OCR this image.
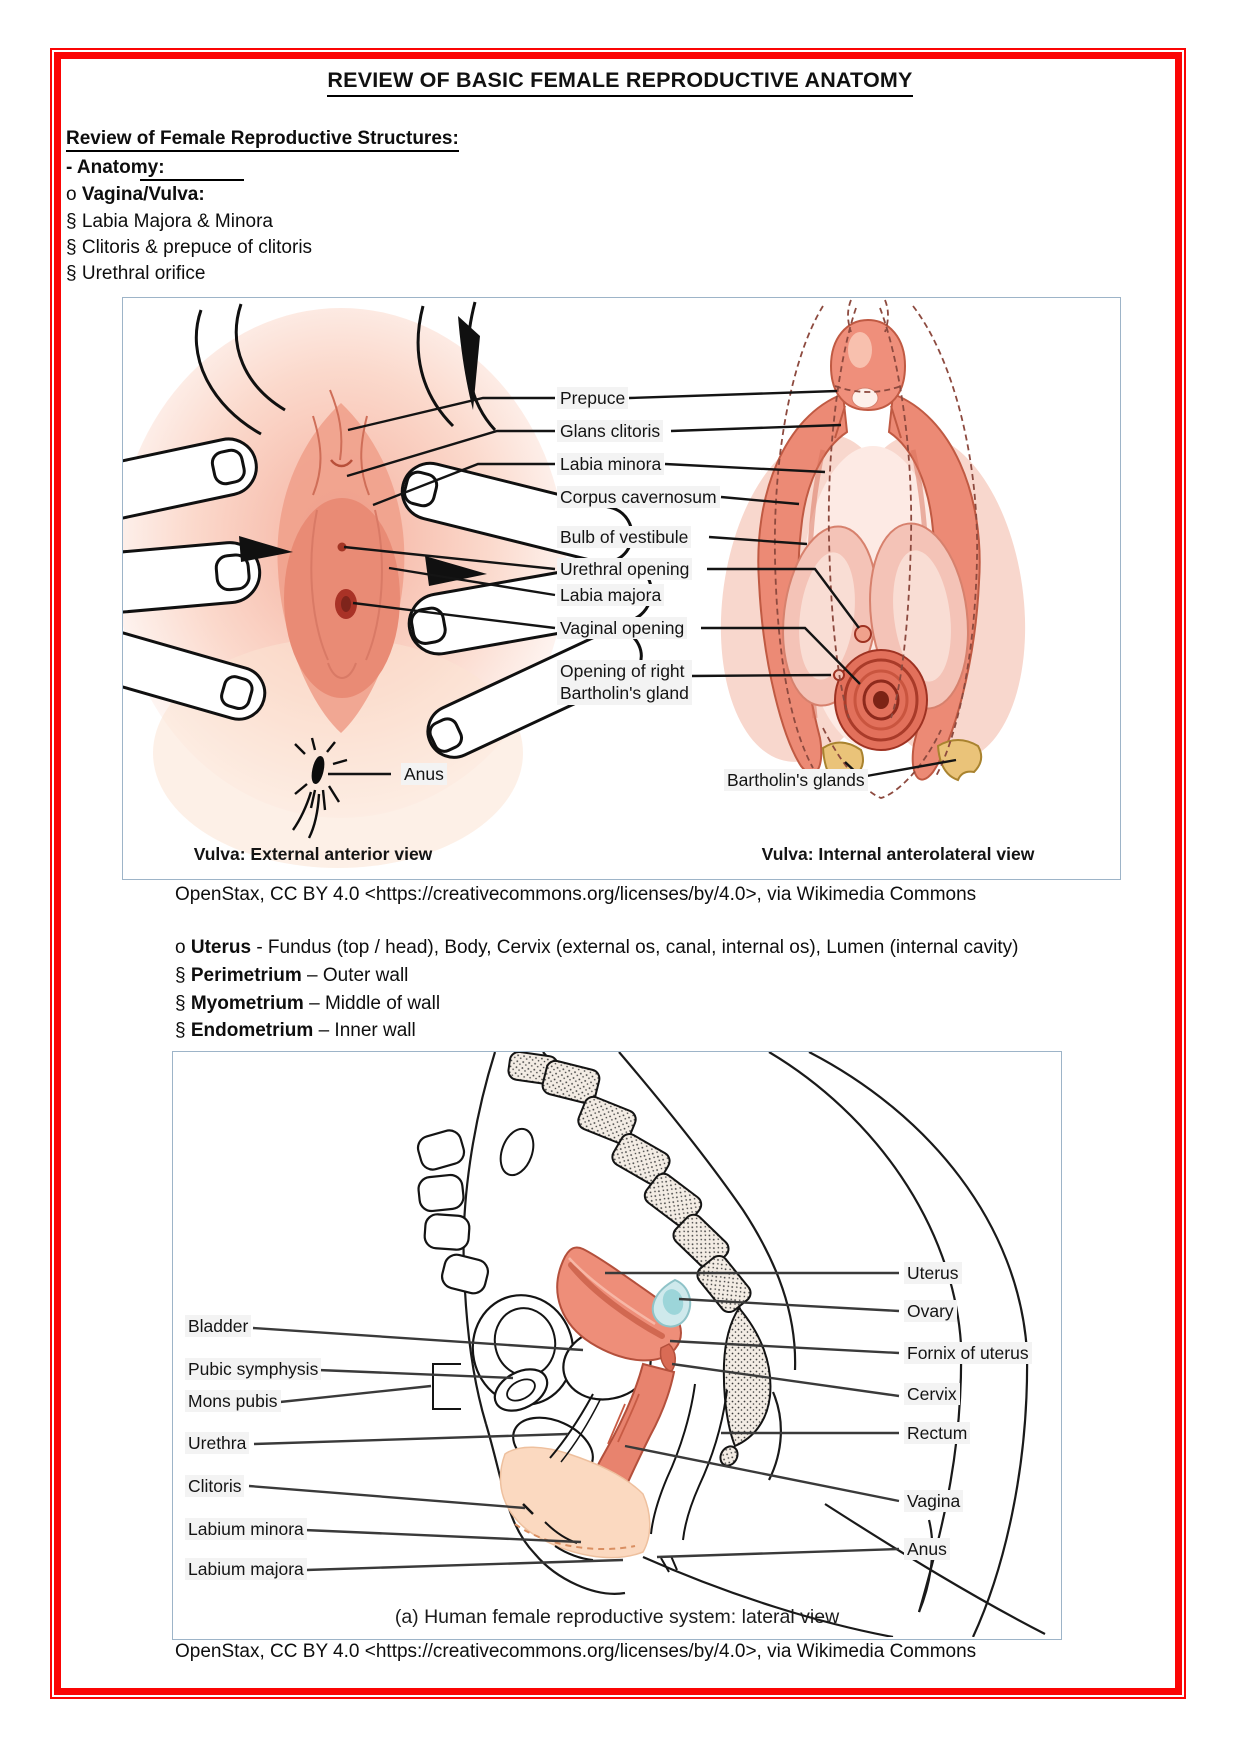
REVIEW OF BASIC FEMALE REPRODUCTIVE ANATOMY
Review of Female Reproductive Structures:
- Anatomy:
o Vagina/Vulva:
§ Labia Majora & Minora
§ Clitoris & prepuce of clitoris
§ Urethral orifice
Prepuce
Glans clitoris
Labia minora
Corpus cavernosum
Bulb of vestibule
Urethral opening
Labia majora
Vaginal opening
Opening of right
Bartholin's gland
Anus	Bartholin's glands
Vulva: External anterior view	Vulva: Internal anterolateral view
OpenStax, CC BY 4.0 <https://creativecommons.org/licenses/by/4.0>, via Wikimedia Commons
o Uterus - Fundus (top / head), Body, Cervix (external os, canal, internal os), Lumen (internal cavity)
§ Perimetrium – Outer wall
§ Myometrium – Middle of wall
§ Endometrium – Inner wall
Bladder
Pubic symphysis
Mons pubis
Urethra
Clitoris
Labium minora
Labium majora
Uterus
Ovary
Fornix of uterus
Cervix
Rectum
Vagina
Anus
(a) Human female reproductive system: lateral view
OpenStax, CC BY 4.0 <https://creativecommons.org/licenses/by/4.0>, via Wikimedia Commons
